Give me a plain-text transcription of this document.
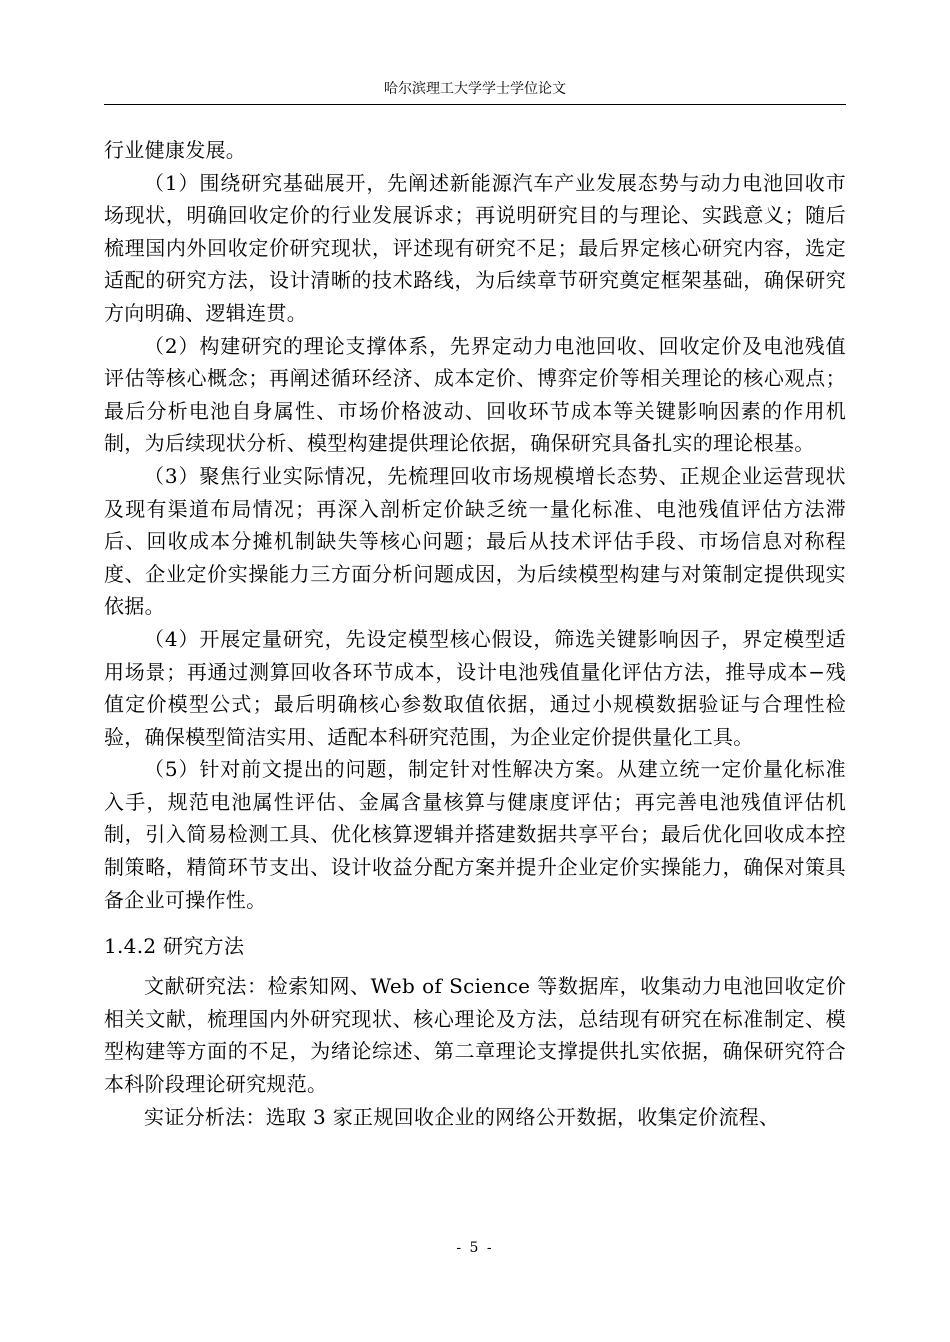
哈尔滨理工大学学士学位论文

行业健康发展。

（1）围绕研究基础展开，先阐述新能源汽车产业发展态势与动力电池回收市场现状，明确回收定价的行业发展诉求；再说明研究目的与理论、实践意义；随后梳理国内外回收定价研究现状，评述现有研究不足；最后界定核心研究内容，选定适配的研究方法，设计清晰的技术路线，为后续章节研究奠定框架基础，确保研究方向明确、逻辑连贯。

（2）构建研究的理论支撑体系，先界定动力电池回收、回收定价及电池残值评估等核心概念；再阐述循环经济、成本定价、博弈定价等相关理论的核心观点；最后分析电池自身属性、市场价格波动、回收环节成本等关键影响因素的作用机制，为后续现状分析、模型构建提供理论依据，确保研究具备扎实的理论根基。

（3）聚焦行业实际情况，先梳理回收市场规模增长态势、正规企业运营现状及现有渠道布局情况；再深入剖析定价缺乏统一量化标准、电池残值评估方法滞后、回收成本分摊机制缺失等核心问题；最后从技术评估手段、市场信息对称程度、企业定价实操能力三方面分析问题成因，为后续模型构建与对策制定提供现实依据。

（4）开展定量研究，先设定模型核心假设，筛选关键影响因子，界定模型适用场景；再通过测算回收各环节成本，设计电池残值量化评估方法，推导成本−残值定价模型公式；最后明确核心参数取值依据，通过小规模数据验证与合理性检验，确保模型简洁实用、适配本科研究范围，为企业定价提供量化工具。

（5）针对前文提出的问题，制定针对性解决方案。从建立统一定价量化标准入手，规范电池属性评估、金属含量核算与健康度评估；再完善电池残值评估机制，引入简易检测工具、优化核算逻辑并搭建数据共享平台；最后优化回收成本控制策略，精简环节支出、设计收益分配方案并提升企业定价实操能力，确保对策具备企业可操作性。

1.4.2 研究方法

文献研究法：检索知网、Web of Science 等数据库，收集动力电池回收定价相关文献，梳理国内外研究现状、核心理论及方法，总结现有研究在标准制定、模型构建等方面的不足，为绪论综述、第二章理论支撑提供扎实依据，确保研究符合本科阶段理论研究规范。

实证分析法：选取 3 家正规回收企业的网络公开数据，收集定价流程、

- 5 -
